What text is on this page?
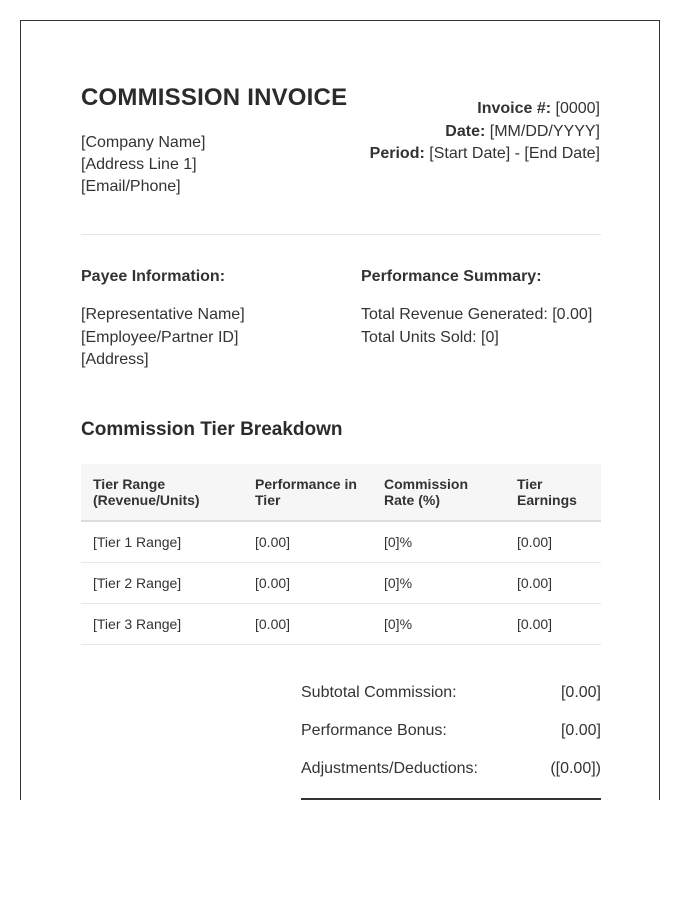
COMMISSION INVOICE
[Company Name]
[Address Line 1]
[Email/Phone]
Invoice #: [0000]
Date: [MM/DD/YYYY]
Period: [Start Date] - [End Date]
Payee Information:
[Representative Name]
[Employee/Partner ID]
[Address]
Performance Summary:
Total Revenue Generated: [0.00]
Total Units Sold: [0]
Commission Tier Breakdown
Tier Range (Revenue/Units)	Performance in Tier	Commission Rate (%)	Tier Earnings
[Tier 1 Range]	[0.00]	[0]%	[0.00]
[Tier 2 Range]	[0.00]	[0]%	[0.00]
[Tier 3 Range]	[0.00]	[0]%	[0.00]
Subtotal Commission:	[0.00]
Performance Bonus:	[0.00]
Adjustments/Deductions:	([0.00])
